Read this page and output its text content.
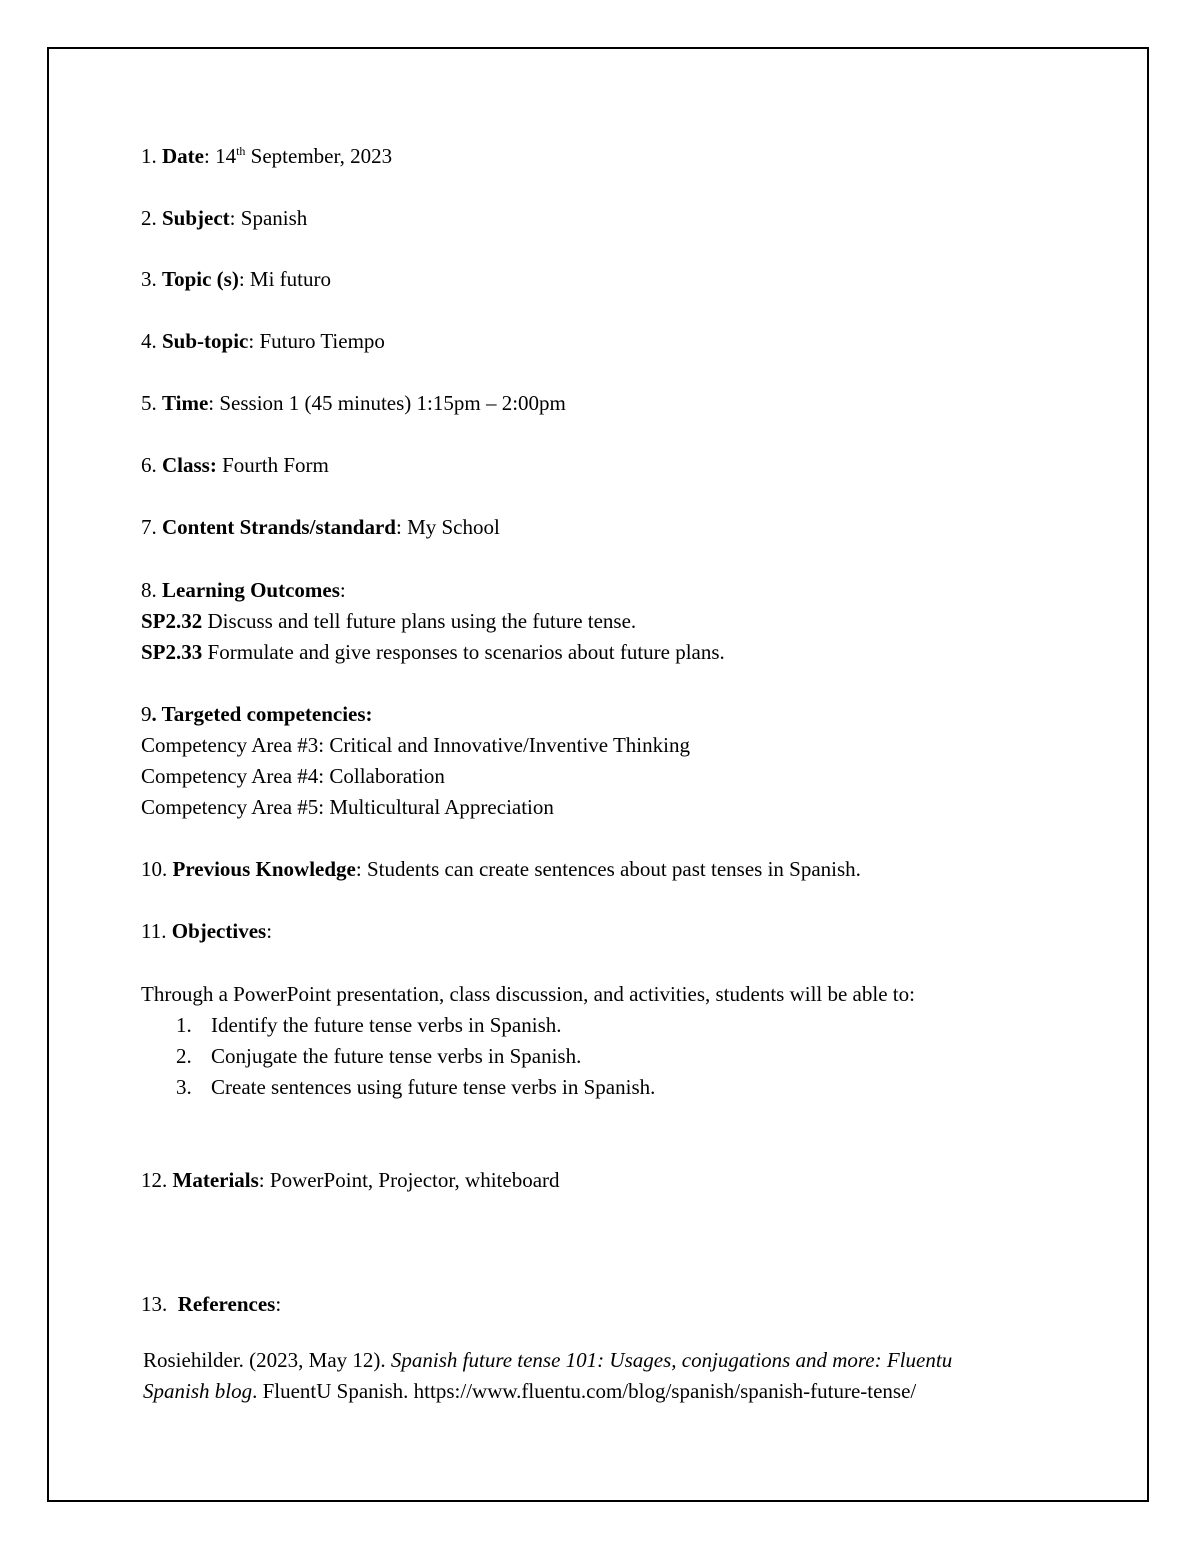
1. Date: 14th September, 2023
2. Subject: Spanish
3. Topic (s): Mi futuro
4. Sub-topic: Futuro Tiempo
5. Time: Session 1 (45 minutes) 1:15pm – 2:00pm
6. Class: Fourth Form
7. Content Strands/standard: My School
8. Learning Outcomes:
SP2.32 Discuss and tell future plans using the future tense.
SP2.33 Formulate and give responses to scenarios about future plans.
9. Targeted competencies:
Competency Area #3: Critical and Innovative/Inventive Thinking
Competency Area #4: Collaboration
Competency Area #5: Multicultural Appreciation
10. Previous Knowledge: Students can create sentences about past tenses in Spanish.
11. Objectives:
Through a PowerPoint presentation, class discussion, and activities, students will be able to:
1. Identify the future tense verbs in Spanish.
2. Conjugate the future tense verbs in Spanish.
3. Create sentences using future tense verbs in Spanish.
12. Materials: PowerPoint, Projector, whiteboard
13. References:
Rosiehilder. (2023, May 12). Spanish future tense 101: Usages, conjugations and more: Fluentu
Spanish blog. FluentU Spanish. https://www.fluentu.com/blog/spanish/spanish-future-tense/
